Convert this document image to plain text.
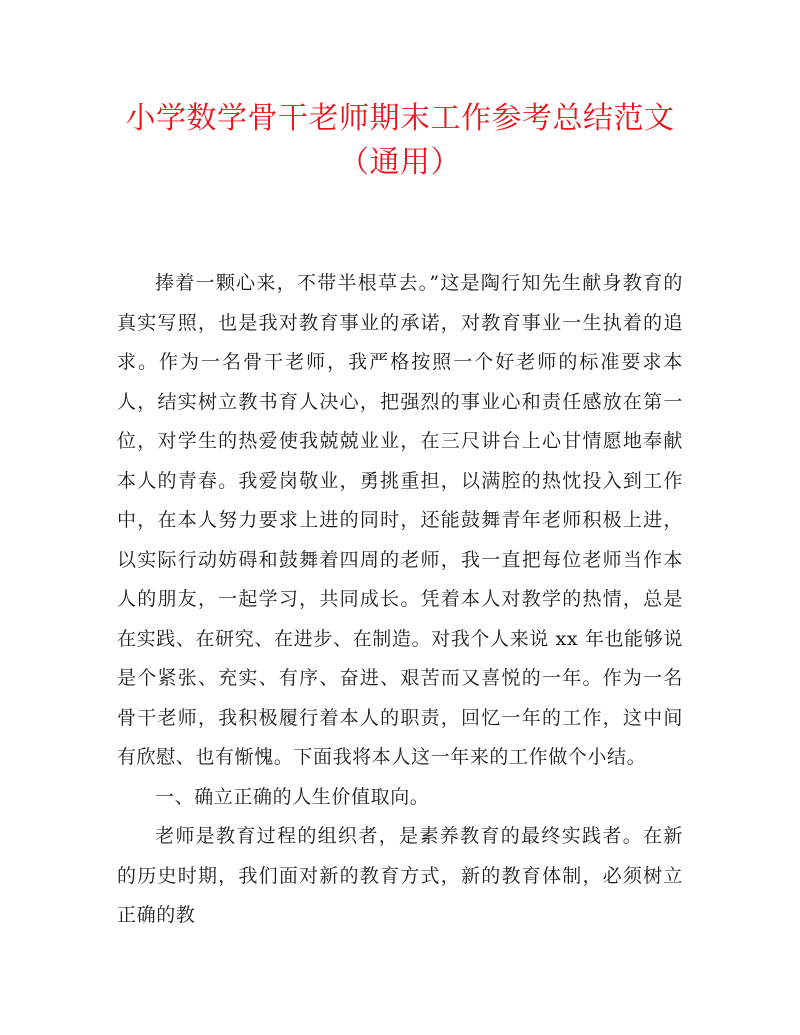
小学数学骨干老师期末工作参考总结范文（通用）

捧着一颗心来，不带半根草去。”这是陶行知先生献身教育的真实写照，也是我对教育事业的承诺，对教育事业一生执着的追求。作为一名骨干老师，我严格按照一个好老师的标准要求本人，结实树立教书育人决心，把强烈的事业心和责任感放在第一位，对学生的热爱使我兢兢业业，在三尺讲台上心甘情愿地奉献本人的青春。我爱岗敬业，勇挑重担，以满腔的热忱投入到工作中，在本人努力要求上进的同时，还能鼓舞青年老师积极上进，以实际行动妨碍和鼓舞着四周的老师，我一直把每位老师当作本人的朋友，一起学习，共同成长。凭着本人对教学的热情，总是在实践、在研究、在进步、在制造。对我个人来说 xx 年也能够说是个紧张、充实、有序、奋进、艰苦而又喜悦的一年。作为一名骨干老师，我积极履行着本人的职责，回忆一年的工作，这中间有欣慰、也有惭愧。下面我将本人这一年来的工作做个小结。

一、确立正确的人生价值取向。

老师是教育过程的组织者，是素养教育的最终实践者。在新的历史时期，我们面对新的教育方式，新的教育体制，必须树立正确的教
